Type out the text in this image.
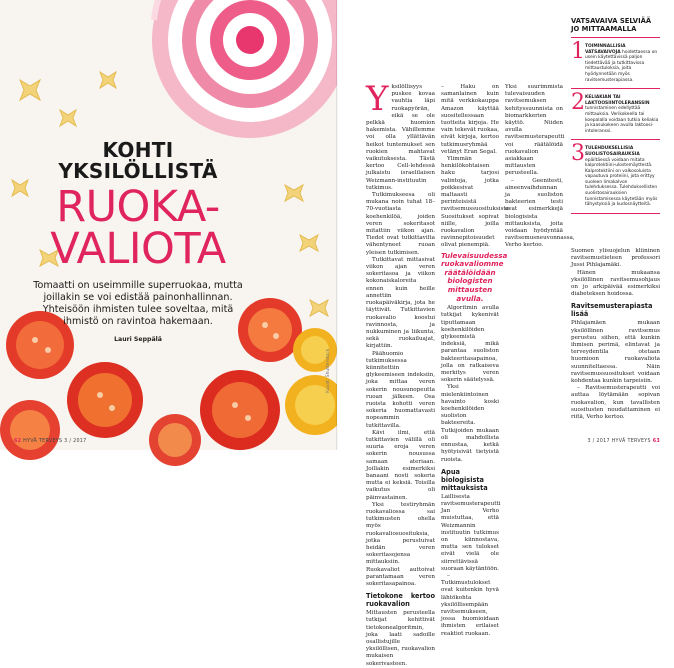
KOHTI YKSILÖLLISTÄ
RUOKA-
VALIOTA
Tomaatti on useimmille superruokaa, mutta joillakin se voi edistää painonhallinnan. Yhteisöön ihmisten tulee soveltaa, mitä ihmistö on ravintoa hakemaan.
Lauri Seppälä
Kuvat: Shutterstock
62 HYVÄ TERVEYS 3 / 2017	3 / 2017 HYVÄ TERVEYS 63
Y ksilöllisyys puskee kovaa vauhtia läpi ruokapyörän, eikä se ole pelkkä huomion hakemista. Vähillemme voi olla yllättävän heikot tuntemukset sen ruokien mahtavat vaikutuksesta. Tästä kertoo Cell-lehdessä julkaistu israelilaisen Weizmann-instituutin tutkimus.

Tutkimukseesa oli mukana noin tuhat 18–70-vuotiasta koehenkilöä, joiden veren sokeritasot mitattiin viikon ajan. Tiedot ovat tutkittavilta vähentyneet ruoan yleisen tutkimisen.

Tutkittavat mittasivat viikon ajan veren sokeritasoa ja viikon kokonaiskaloreita ennen kuin heille annettiin ruokapäiväkirja, jota he täyttivät. Tutkittavien ruokavalio koostui ravinnosta, ja nukkuminen ja liikunta, sekä ruokailuajat, kirjattiin.

Päähuomio tutkimuksessa kiinnitettiin glykeemiseen indeksiin, joka mittaa veren sokerin nousunopeutta ruoan jälkeen. Osa ruoista kohotti veren sokeria huomattavasti nopeammin tutkittavilla.

Kävi ilmi, että tutkittavien välillä oli suuria eroja veren sokerin nousussa samaan ateriaan. Joillakin esimerkiksi banaani nosti sokeria mutta ei keksiä. Toisilla vaikutus oli päinvastainen.

Yksi testiryhmän ruokavaliossa sai tutkimusten ohella myös ruokavaliosuosituksia, jotka perustuivat heidän veren sokeritasojensa mittauksiin. Ruokavaliot auttoivat parantamaan veren sokeritasapainoa.

Tietokone kertoo ruokavalion

Mittausten perusteella tutkijat kehittivät tietokonealgoritmin, joka laati sadoille osallistujille yksilöllisen, ruokavalion mukaisen sokerivasteen.

– Haku on samanlainen kuin mitä verkkokauppa Amazon käyttää suositellessaan tuotteita kirjoja. He vain tekevät ruokaa, eivät kirjoja, kertoo tutkimusryhmää vetänyt Eran Segal.

Ylimmän henkilökohtaisen haku tarjosi valintoja, jotka poikkesivat maltaasti perinteisistä ravitsemussuosituksista. Suositukset sopivat niille, joilla ruokavalion ravinnepitoisuudet olivat pienempiä.

Tulevaisuudessa ruokavaliomme räätälöidään biologisten mittausten avulla.

Algoritmin avulla tutkijat kykenivät tiputtamaan koehenkilöiden glykeemistä indeksiä, mikä parantaa suoliston bakteeritasapainoa, jolla on ratkaiseva merkitys veren sokerin säätelyssä.

Yksi mielenkiintoinen havainto koski koehenkilöiden suoliston bakteereita. Tutkijoiden mukaan oli mahdollista ennustaa, ketkä hyötyisivät tietyistä ruoista.

Apua biologisista mittauksista

Laillisesta ravitsemusterapeutti Jan Verho muistuttaa, että Weizmannin instituutin tutkimus on kiinnostava, mutta sen tulokset eivät vielä ole siirrettävissä suoraan käytäntöön.

– Tutkimustulokset ovat kuitenkin hyvä lähtökohta yksilöllisempään ravitsemukseen, jossa huomioidaan ihmisten erilaiset reaktiot ruokaan.

Yksi suurimmista tulevaisuuden ravitsemuksen kehityssuunnista on biomarkkerien käyttö. Niiden avulla ravitsemusterapeutti voi räätälöidä ruokavalion asiakkaan mittausten perusteella.

– Geenitesti, aineenvaihdunnan ja suoliston bakteerien testi ovat esimerkkejä biologisista mittauksista, joita voidaan hyödyntää ravitsemusneuvonnassa, Verho kertoo.

VATSAVAIVA SELVIÄÄ JO MITTAAMALLA
1 TOIMINNALLISIA VATSAVAIVOJA hoidettaessa on usein käytettävissä paljon tiedettävää ja tutkittavissa mittaustuloksia, joita hyödynnetään myös ravitsemusterapiassa.
2 KELIAKIAN TAI LAKTOOSIINTOLERANSSIN tunnistaminen edellyttää mittauksia. Verikokeella tai koepalalla voidaan tutkia keliakia ja kaasukokeen avulla laktoosi-intoleranssi.
3 TULEHDUKSELLISIA SUOLISTOSAIRAUKSIA epäiltäessä voidaan mitata kalprotektiini-ulostemäyttestä. Kalprotektiini on valkosoluista vapautuva proteiini, jota erittyy suoleen limakalvon tulehduksessa. Tulehduksellisten suolistosairauksien tunnistamisessa käytetään myös tähystyksiä ja kudosnäytteitä.

Suomen ylisuojelun kliininen ravitsemustieteen professori Jussi Pihlajamäki.

Hänen mukaansa yksilöllinen ravitsemusohjaus on jo arkipäivää esimerkiksi diabeteksen hoidossa.

Ravitsemusterapiasta lisää

Pihlajamäen mukaan yksilöllinen ravitsemus perustuu siihen, että kunkin ihmisen perimä, elintavat ja terveydentila otetaan huomioon ruokavaliota suunniteltaessa. Näin ravitsemussuositukset voidaan kohdentaa kunkin tarpeisiin.

– Ravitsemusterapeutti voi auttaa löytämään sopivan ruokavalion, kun tavallisten suositusten noudattaminen ei riitä, Verho kertoo.
